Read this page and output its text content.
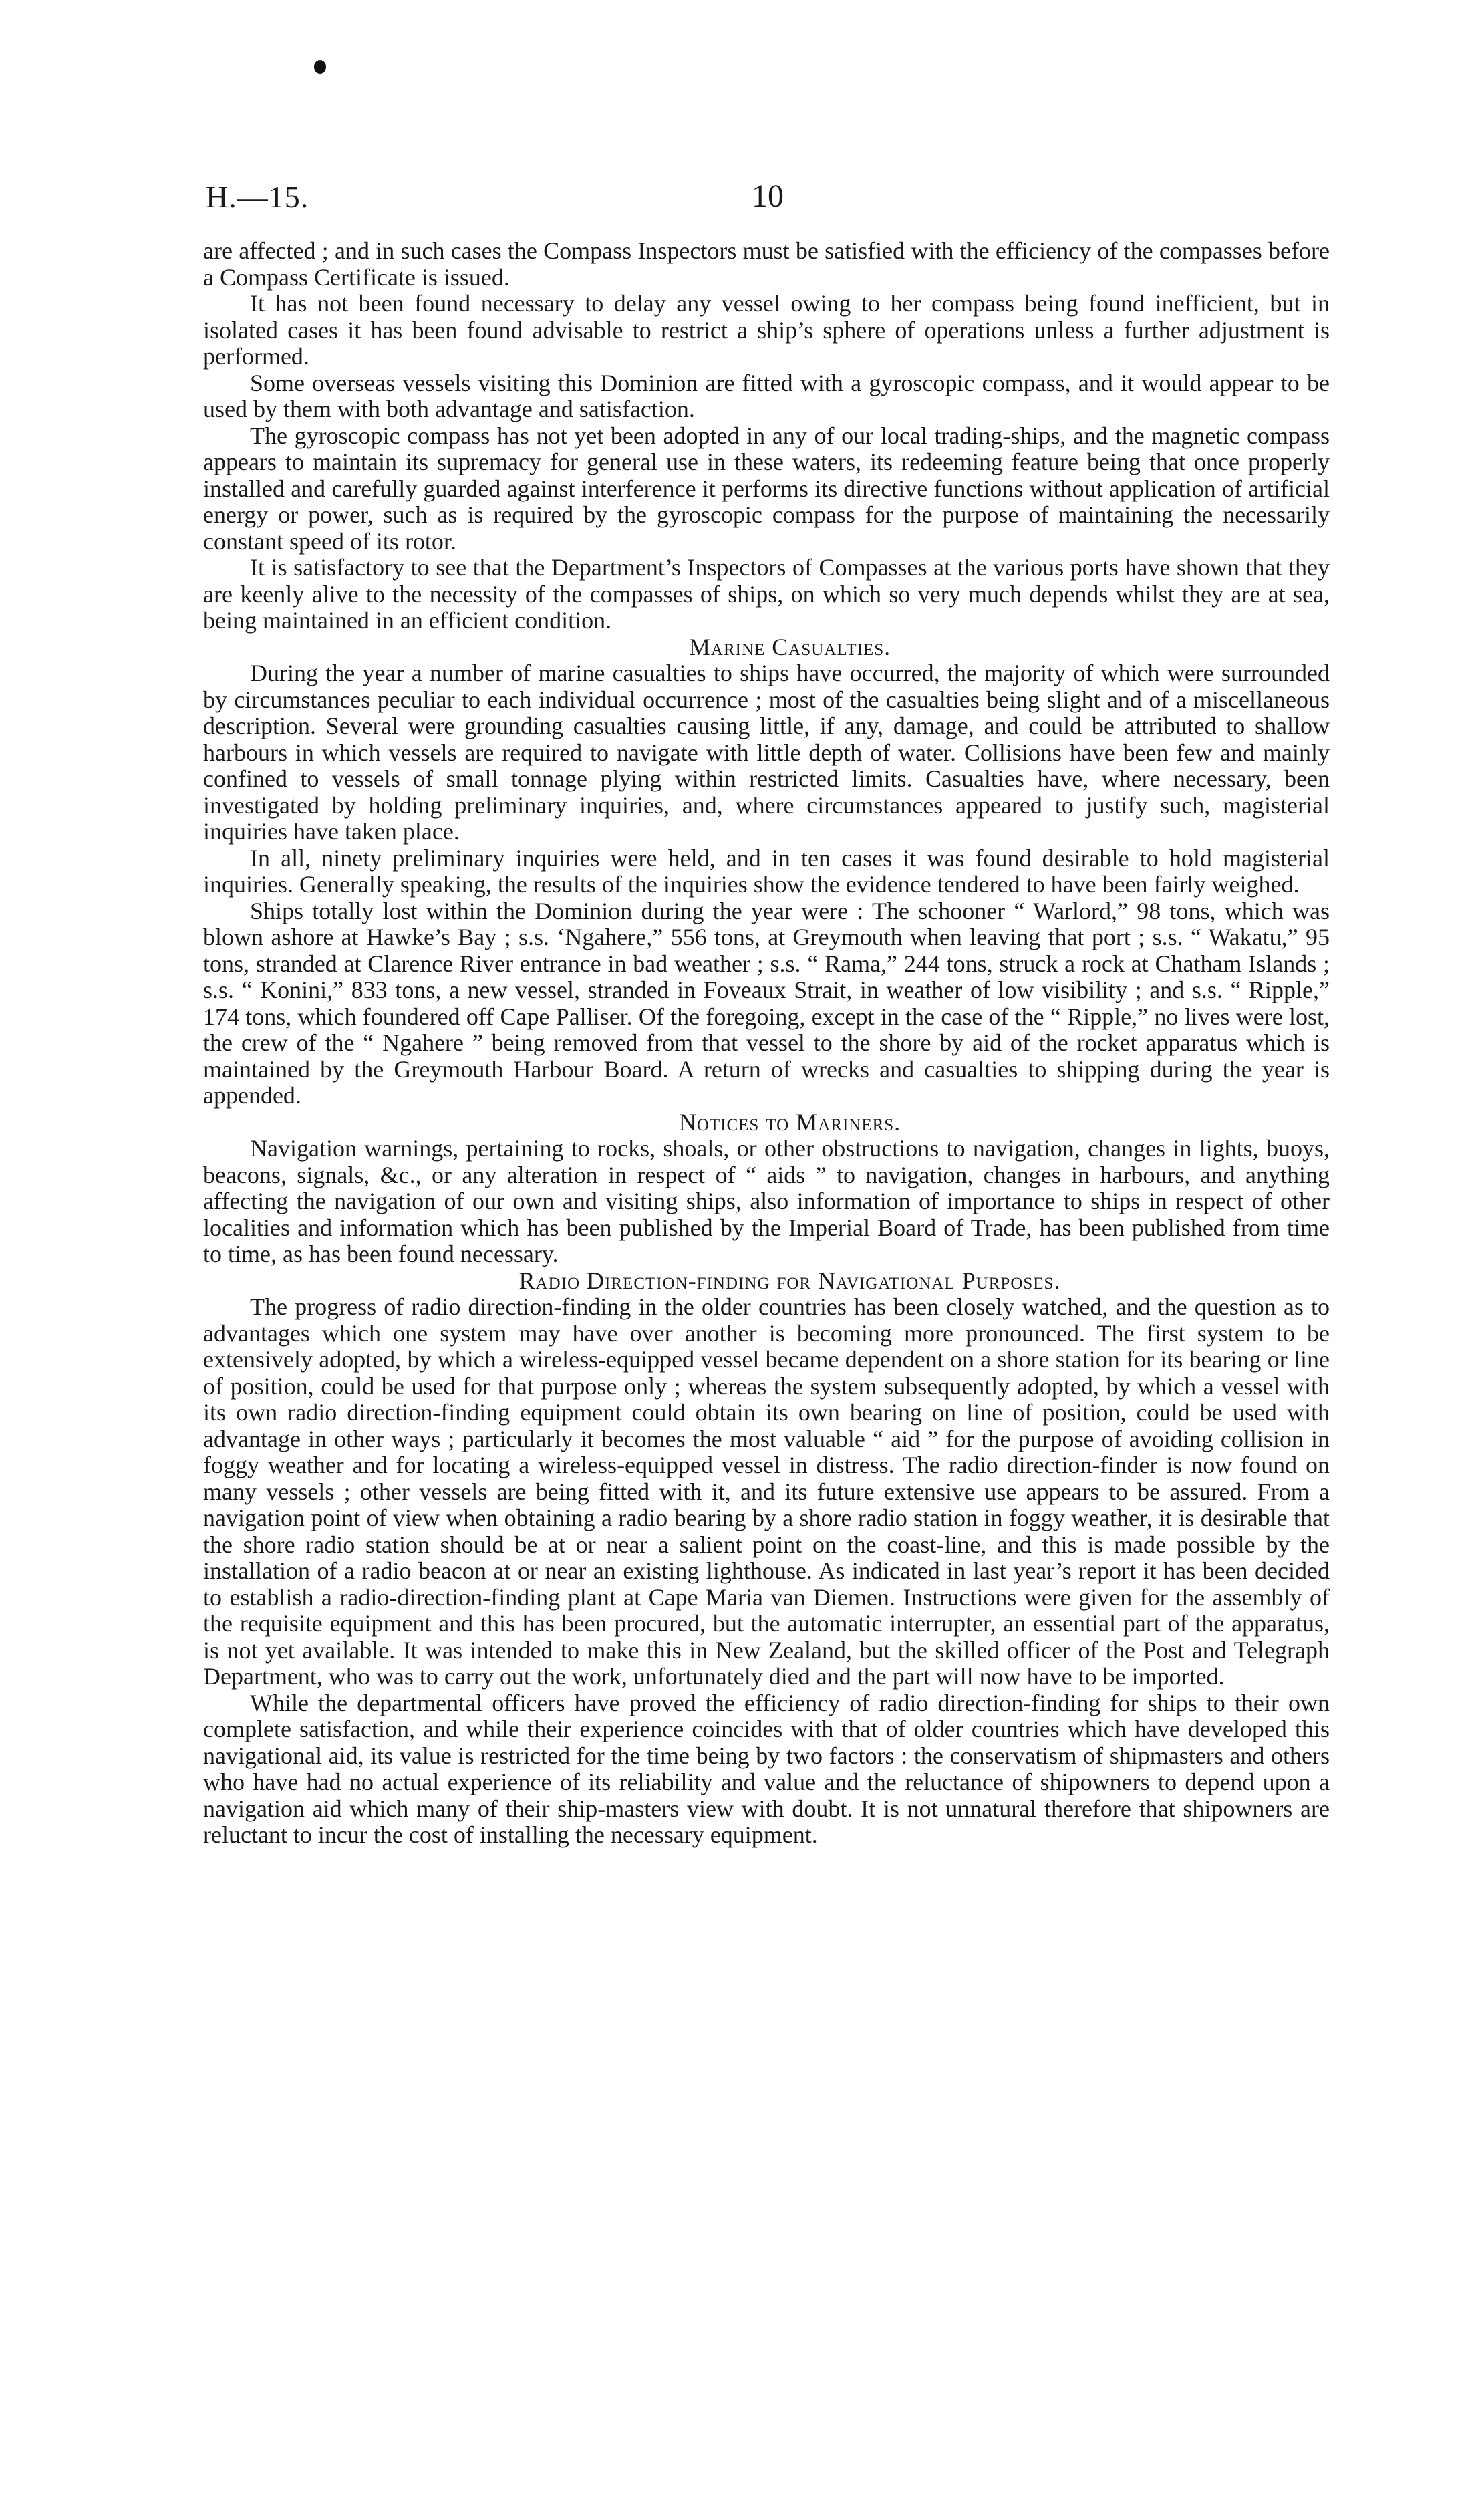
H.—15.	10

are affected ; and in such cases the Compass Inspectors must be satisfied with the efficiency of the compasses before a Compass Certificate is issued.

It has not been found necessary to delay any vessel owing to her compass being found inefficient, but in isolated cases it has been found advisable to restrict a ship’s sphere of operations unless a further adjustment is performed.

Some overseas vessels visiting this Dominion are fitted with a gyroscopic compass, and it would appear to be used by them with both advantage and satisfaction.

The gyroscopic compass has not yet been adopted in any of our local trading-ships, and the magnetic compass appears to maintain its supremacy for general use in these waters, its redeeming feature being that once properly installed and carefully guarded against interference it performs its directive functions without application of artificial energy or power, such as is required by the gyroscopic compass for the purpose of maintaining the necessarily constant speed of its rotor.

It is satisfactory to see that the Department’s Inspectors of Compasses at the various ports have shown that they are keenly alive to the necessity of the compasses of ships, on which so very much depends whilst they are at sea, being maintained in an efficient condition.

Marine Casualties.

During the year a number of marine casualties to ships have occurred, the majority of which were surrounded by circumstances peculiar to each individual occurrence ; most of the casualties being slight and of a miscellaneous description. Several were grounding casualties causing little, if any, damage, and could be attributed to shallow harbours in which vessels are required to navigate with little depth of water. Collisions have been few and mainly confined to vessels of small tonnage plying within restricted limits. Casualties have, where necessary, been investigated by holding preliminary inquiries, and, where circumstances appeared to justify such, magisterial inquiries have taken place.

In all, ninety preliminary inquiries were held, and in ten cases it was found desirable to hold magisterial inquiries. Generally speaking, the results of the inquiries show the evidence tendered to have been fairly weighed.

Ships totally lost within the Dominion during the year were : The schooner “ Warlord,” 98 tons, which was blown ashore at Hawke’s Bay ; s.s. ‘Ngahere,” 556 tons, at Greymouth when leaving that port ; s.s. “ Wakatu,” 95 tons, stranded at Clarence River entrance in bad weather ; s.s. “ Rama,” 244 tons, struck a rock at Chatham Islands ; s.s. “ Konini,” 833 tons, a new vessel, stranded in Foveaux Strait, in weather of low visibility ; and s.s. “ Ripple,” 174 tons, which foundered off Cape Palliser. Of the foregoing, except in the case of the “ Ripple,” no lives were lost, the crew of the “ Ngahere ” being removed from that vessel to the shore by aid of the rocket apparatus which is maintained by the Greymouth Harbour Board. A return of wrecks and casualties to shipping during the year is appended.

Notices to Mariners.

Navigation warnings, pertaining to rocks, shoals, or other obstructions to navigation, changes in lights, buoys, beacons, signals, &c., or any alteration in respect of “ aids ” to navigation, changes in harbours, and anything affecting the navigation of our own and visiting ships, also information of importance to ships in respect of other localities and information which has been published by the Imperial Board of Trade, has been published from time to time, as has been found necessary.

Radio Direction-finding for Navigational Purposes.

The progress of radio direction-finding in the older countries has been closely watched, and the question as to advantages which one system may have over another is becoming more pronounced. The first system to be extensively adopted, by which a wireless-equipped vessel became dependent on a shore station for its bearing or line of position, could be used for that purpose only ; whereas the system subsequently adopted, by which a vessel with its own radio direction-finding equipment could obtain its own bearing on line of position, could be used with advantage in other ways ; particularly it becomes the most valuable “ aid ” for the purpose of avoiding collision in foggy weather and for locating a wireless-equipped vessel in distress. The radio direction-finder is now found on many vessels ; other vessels are being fitted with it, and its future extensive use appears to be assured. From a navigation point of view when obtaining a radio bearing by a shore radio station in foggy weather, it is desirable that the shore radio station should be at or near a salient point on the coast-line, and this is made possible by the installation of a radio beacon at or near an existing lighthouse. As indicated in last year’s report it has been decided to establish a radio-direction-finding plant at Cape Maria van Diemen. Instructions were given for the assembly of the requisite equipment and this has been procured, but the automatic interrupter, an essential part of the apparatus, is not yet available. It was intended to make this in New Zealand, but the skilled officer of the Post and Telegraph Department, who was to carry out the work, unfortunately died and the part will now have to be imported.

While the departmental officers have proved the efficiency of radio direction-finding for ships to their own complete satisfaction, and while their experience coincides with that of older countries which have developed this navigational aid, its value is restricted for the time being by two factors : the conservatism of shipmasters and others who have had no actual experience of its reliability and value and the reluctance of shipowners to depend upon a navigation aid which many of their ship-masters view with doubt. It is not unnatural therefore that shipowners are reluctant to incur the cost of installing the necessary equipment.
